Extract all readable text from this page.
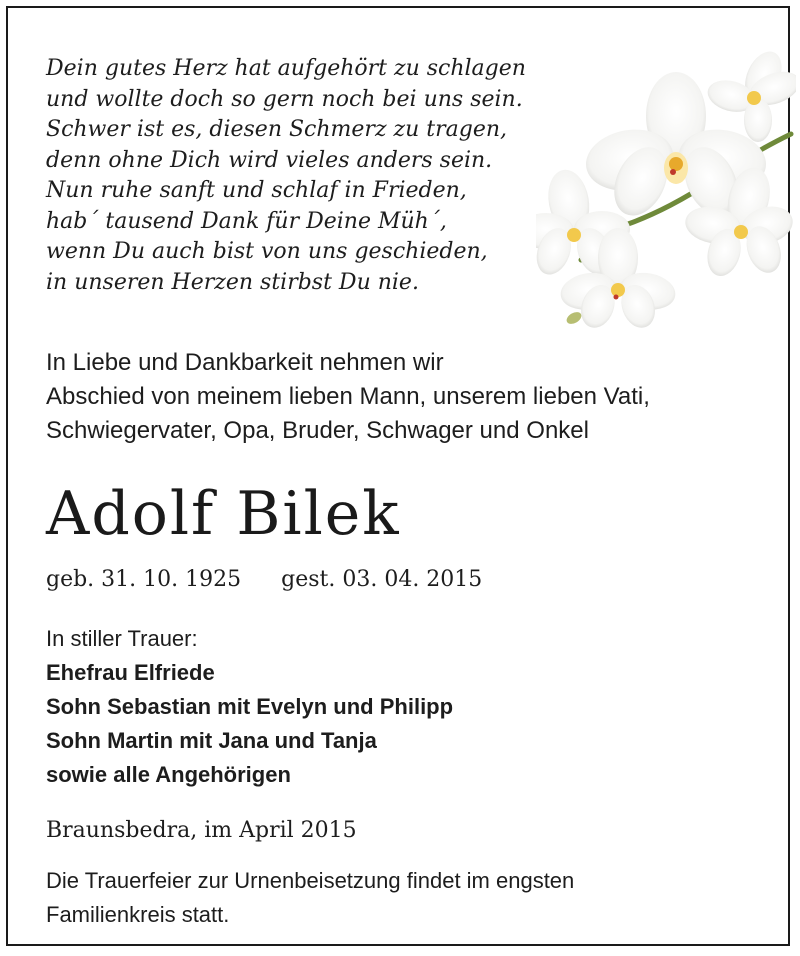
Dein gutes Herz hat aufgehört zu schlagen
und wollte doch so gern noch bei uns sein.
Schwer ist es, diesen Schmerz zu tragen,
denn ohne Dich wird vieles anders sein.
Nun ruhe sanft und schlaf in Frieden,
hab´ tausend Dank für Deine Müh´,
wenn Du auch bist von uns geschieden,
in unseren Herzen stirbst Du nie.
In Liebe und Dankbarkeit nehmen wir
Abschied von meinem lieben Mann, unserem lieben Vati,
Schwiegervater, Opa, Bruder, Schwager und Onkel
Adolf Bilek
geb. 31. 10. 1925 gest. 03. 04. 2015
In stiller Trauer:
Ehefrau Elfriede
Sohn Sebastian mit Evelyn und Philipp
Sohn Martin mit Jana und Tanja
sowie alle Angehörigen
Braunsbedra, im April 2015
Die Trauerfeier zur Urnenbeisetzung findet im engsten
Familienkreis statt.
